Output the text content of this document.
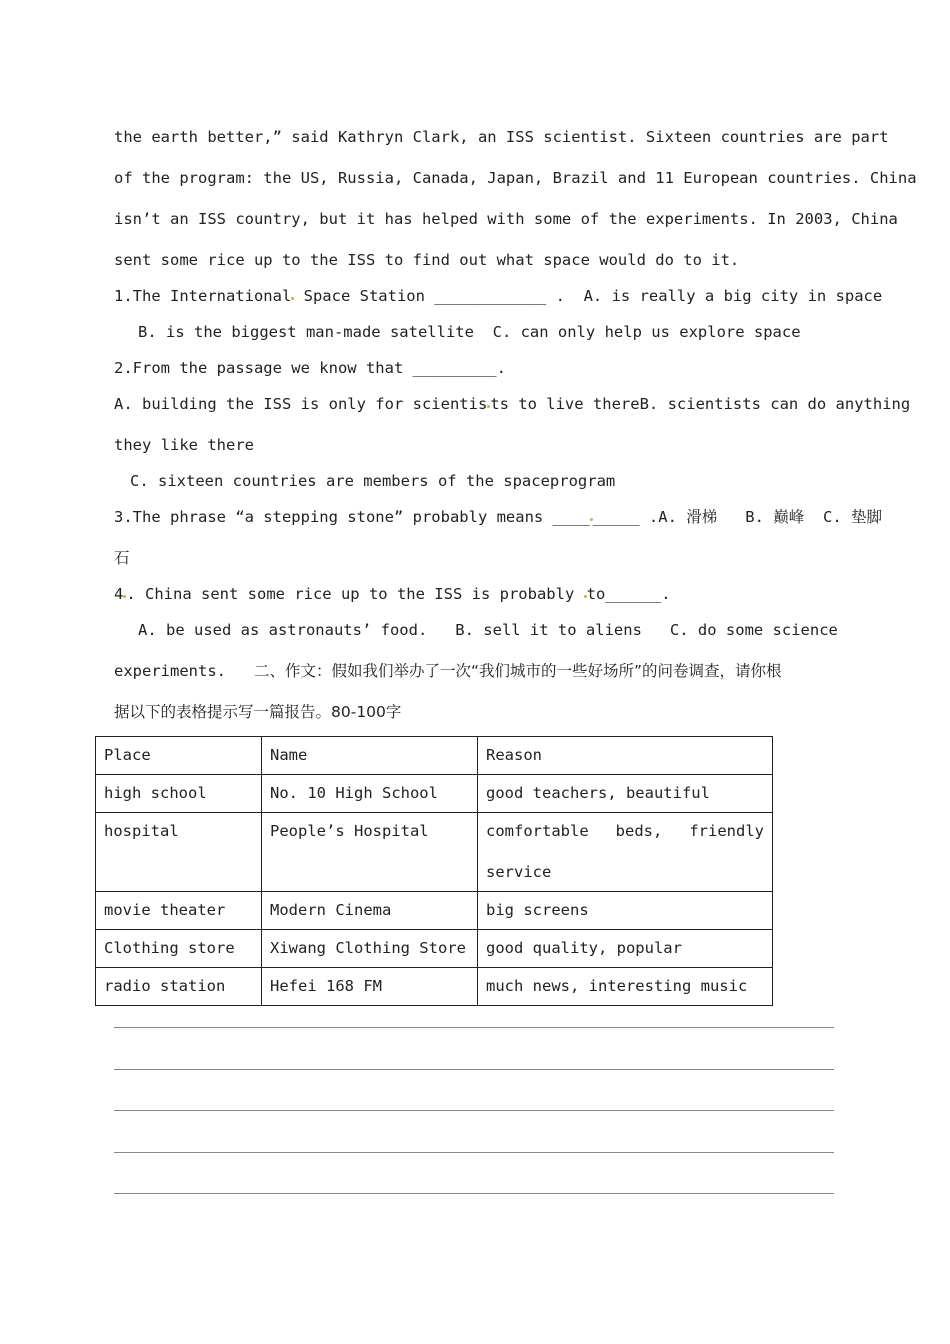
the earth better,” said Kathryn Clark, an ISS scientist. Sixteen countries are part
of the program: the US, Russia, Canada, Japan, Brazil and 11 European countries. China
isn’t an ISS country, but it has helped with some of the experiments. In 2003, China
sent some rice up to the ISS to find out what space would do to it.
1.The International Space Station ____________ .  A. is really a big city in space
B. is the biggest man-made satellite  C. can only help us explore space
2.From the passage we know that _________.
A. building the ISS is only for scientis ts to live thereB. scientists can do anything
they like there
C. sixteen countries are members of the spaceprogram
3.The phrase “a stepping stone” probably means ____ _____ .A. 滑梯 B. 巅峰 C. 垫脚
石
4 . China sent some rice up to the ISS is probably to______.
A. be used as astronauts’ food.   B. sell it to aliens   C. do some science
experiments. 二、作文：假如我们举办了一次“我们城市的一些好场所”的问卷调查，请你根
据以下的表格提示写一篇报告。80-100字
Place	Name	Reason
high school	No. 10 High School	good teachers, beautiful
hospital	People’s Hospital	comfortable beds, friendly
service

movie theater	Modern Cinema	big screens
Clothing store	Xiwang Clothing Store	good quality, popular
radio station	Hefei 168 FM	much news, interesting music
